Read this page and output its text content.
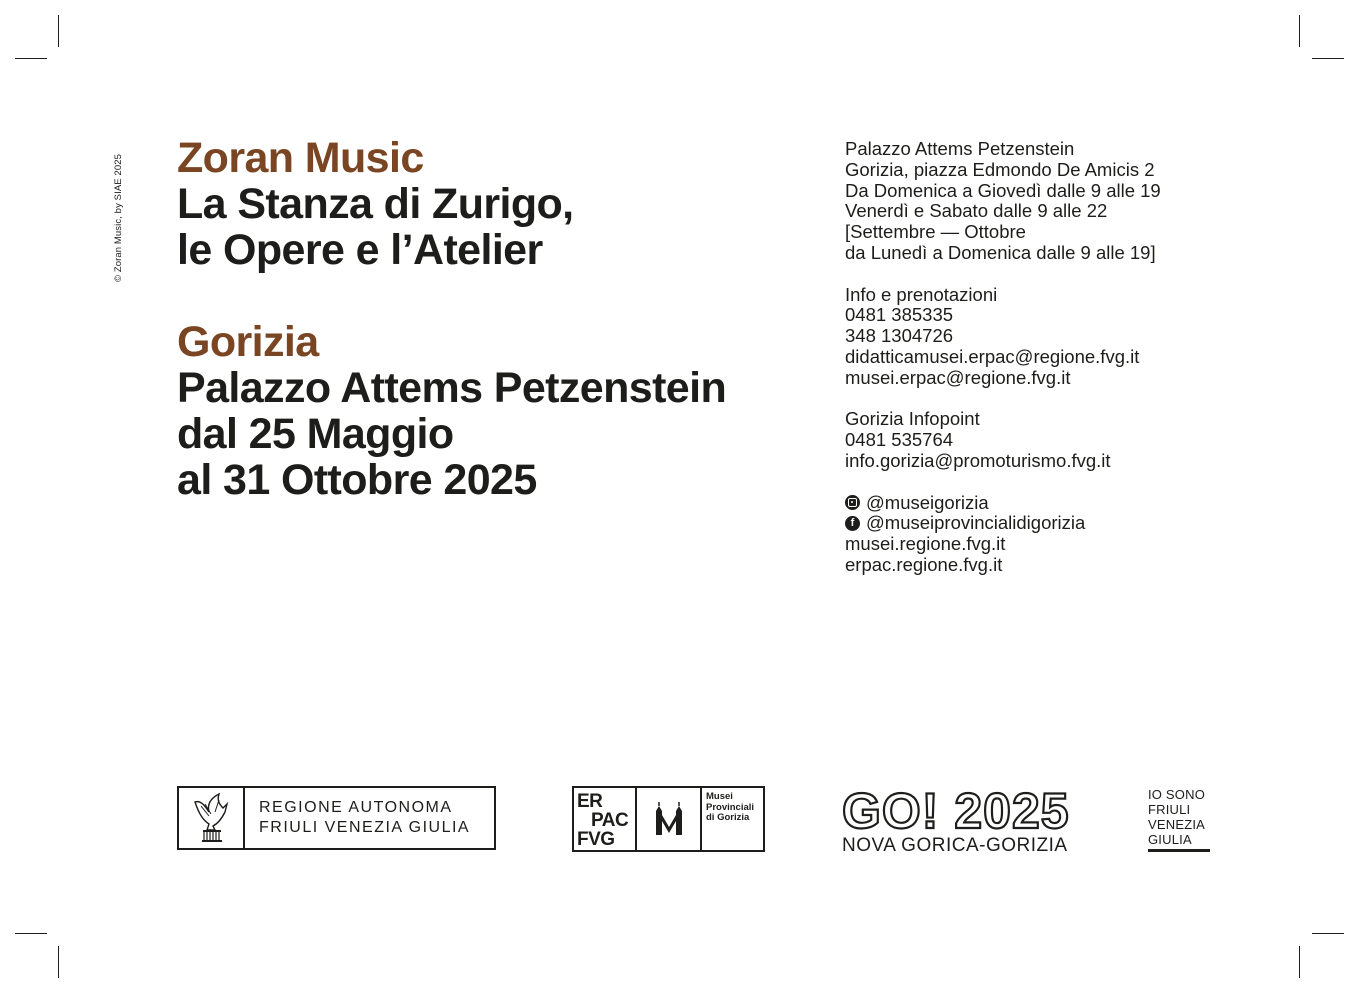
© Zoran Music, by SIAE 2025 Zoran Music
La Stanza di Zurigo,
le Opere e l’Atelier
Gorizia
Palazzo Attems Petzenstein
dal 25 Maggio
al 31 Ottobre 2025
Palazzo Attems Petzenstein
Gorizia, piazza Edmondo De Amicis 2
Da Domenica a Giovedì dalle 9 alle 19
Venerdì e Sabato dalle 9 alle 22
[Settembre — Ottobre
da Lunedì a Domenica dalle 9 alle 19]
Info e prenotazioni
0481 385335
348 1304726
didatticamusei.erpac@regione.fvg.it
musei.erpac@regione.fvg.it
Gorizia Infopoint
0481 535764
info.gorizia@promoturismo.fvg.it
@museigorizia
f @museiprovincialidigorizia
musei.regione.fvg.it
erpac.regione.fvg.it
REGIONE AUTONOMA
FRIULI VENEZIA GIULIA
ER
PAC
FVG
Musei
Provinciali
di Gorizia GO! 2025
NOVA GORICA-GORIZIA
IO SONO
FRIULI
VENEZIA
GIULIA
